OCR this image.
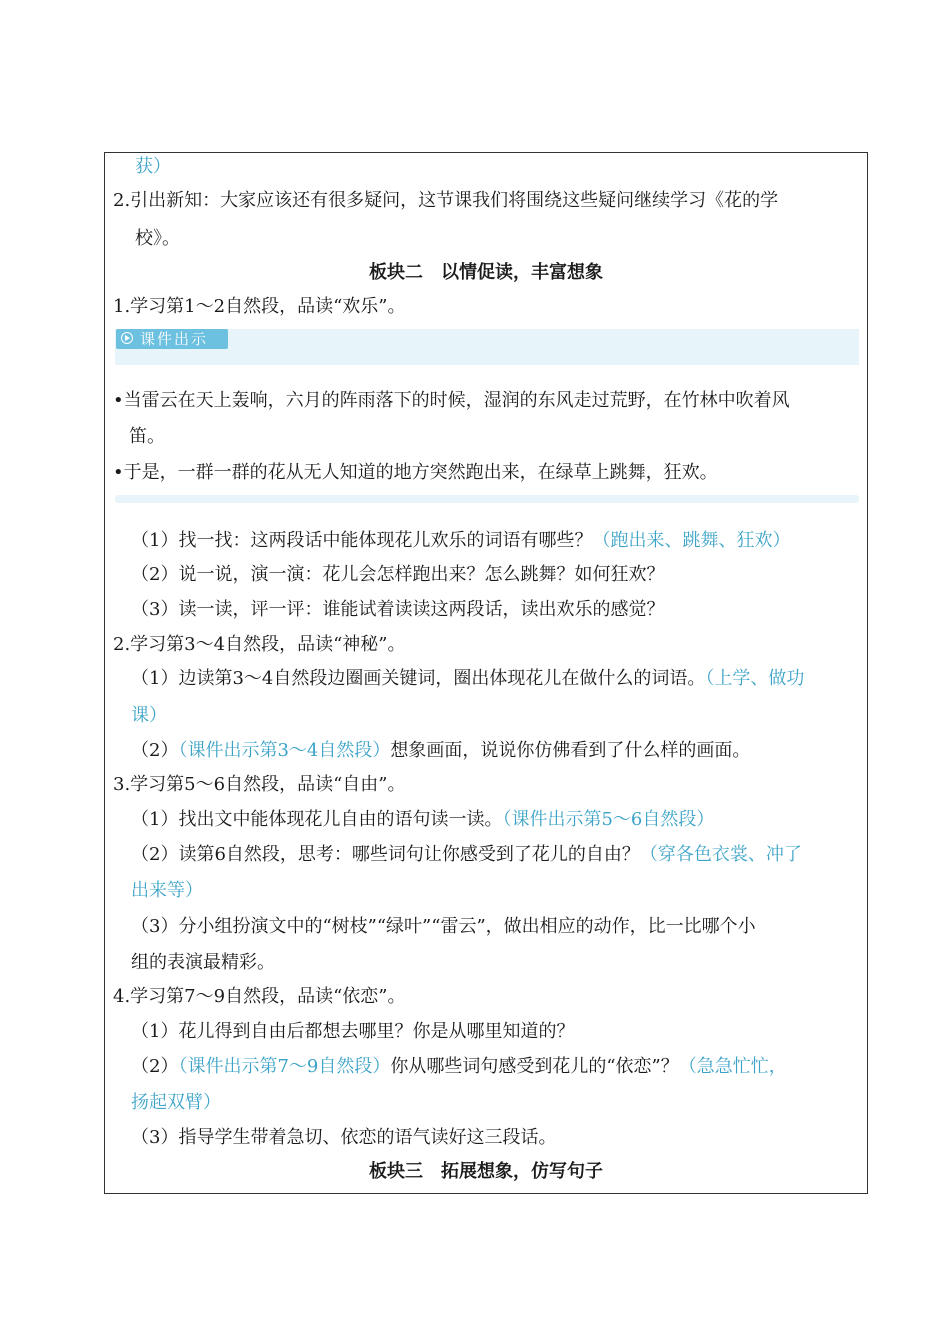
获）
2.引出新知：大家应该还有很多疑问，这节课我们将围绕这些疑问继续学习《花的学
校》。
板块二　以情促读，丰富想象
1.学习第1～2自然段，品读“欢乐”。
课件出示
•当雷云在天上轰响，六月的阵雨落下的时候，湿润的东风走过荒野，在竹林中吹着风
笛。
•于是，一群一群的花从无人知道的地方突然跑出来，在绿草上跳舞，狂欢。
（1）找一找：这两段话中能体现花儿欢乐的词语有哪些？（跑出来、跳舞、狂欢）
（2）说一说，演一演：花儿会怎样跑出来？怎么跳舞？如何狂欢？
（3）读一读，评一评：谁能试着读读这两段话，读出欢乐的感觉？
2.学习第3～4自然段，品读“神秘”。
（1）边读第3～4自然段边圈画关键词，圈出体现花儿在做什么的词语。（上学、做功
课）
（2）（课件出示第3～4自然段）想象画面，说说你仿佛看到了什么样的画面。
3.学习第5～6自然段，品读“自由”。
（1）找出文中能体现花儿自由的语句读一读。（课件出示第5～6自然段）
（2）读第6自然段，思考：哪些词句让你感受到了花儿的自由？（穿各色衣裳、冲了
出来等）
（3）分小组扮演文中的“树枝”“绿叶”“雷云”，做出相应的动作，比一比哪个小
组的表演最精彩。
4.学习第7～9自然段，品读“依恋”。
（1）花儿得到自由后都想去哪里？你是从哪里知道的？
（2）（课件出示第7～9自然段）你从哪些词句感受到花儿的“依恋”？（急急忙忙，
扬起双臂）
（3）指导学生带着急切、依恋的语气读好这三段话。
板块三　拓展想象，仿写句子
